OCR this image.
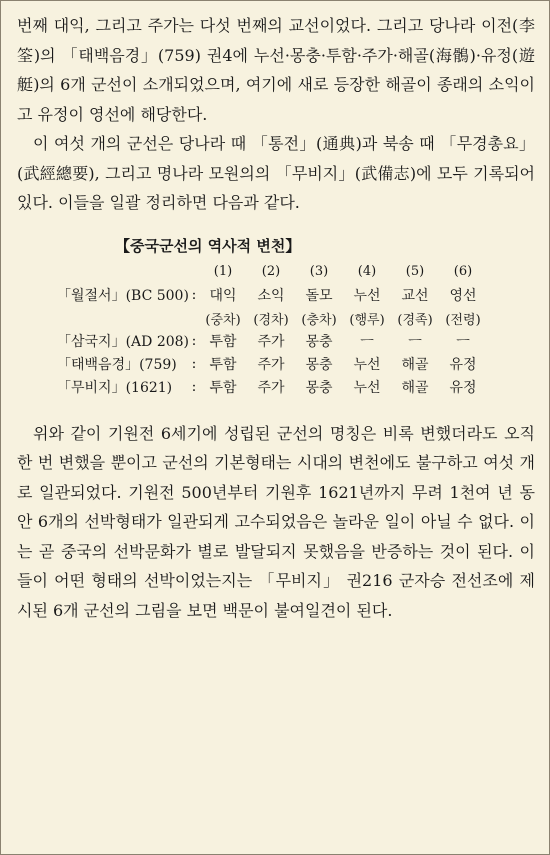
번째 대익, 그리고 주가는 다섯 번째의 교선이었다. 그리고 당나라 이전(李筌)의 「태백음경」(759) 권4에 누선·몽충·투함·주가·해골(海鶻)·유정(遊艇)의 6개 군선이 소개되었으며, 여기에 새로 등장한 해골이 종래의 소익이고 유정이 영선에 해당한다.

이 여섯 개의 군선은 당나라 때 「통전」(通典)과 북송 때 「무경총요」(武經總要), 그리고 명나라 모원의의 「무비지」(武備志)에 모두 기록되어 있다. 이들을 일괄 정리하면 다음과 같다.

【중국군선의 역사적 변천】
		(1)	(2)	(3)	(4)	(5)	(6)
「월절서」(BC 500)	:	대익	소익	돌모	누선	교선	영선
		(중차)	(경차)	(충차)	(행루)	(경족)	(전령)
「삼국지」(AD 208)	:	투함	주가	몽충	ㅡ	ㅡ	ㅡ
「태백음경」(759)	:	투함	주가	몽충	누선	해골	유정
「무비지」(1621)	:	투함	주가	몽충	누선	해골	유정

위와 같이 기원전 6세기에 성립된 군선의 명칭은 비록 변했더라도 오직 한 번 변했을 뿐이고 군선의 기본형태는 시대의 변천에도 불구하고 여섯 개로 일관되었다. 기원전 500년부터 기원후 1621년까지 무려 1천여 년 동안 6개의 선박형태가 일관되게 고수되었음은 놀라운 일이 아닐 수 없다. 이는 곧 중국의 선박문화가 별로 발달되지 못했음을 반증하는 것이 된다. 이들이 어떤 형태의 선박이었는지는 「무비지」 권216 군자승 전선조에 제시된 6개 군선의 그림을 보면 백문이 불여일견이 된다.
